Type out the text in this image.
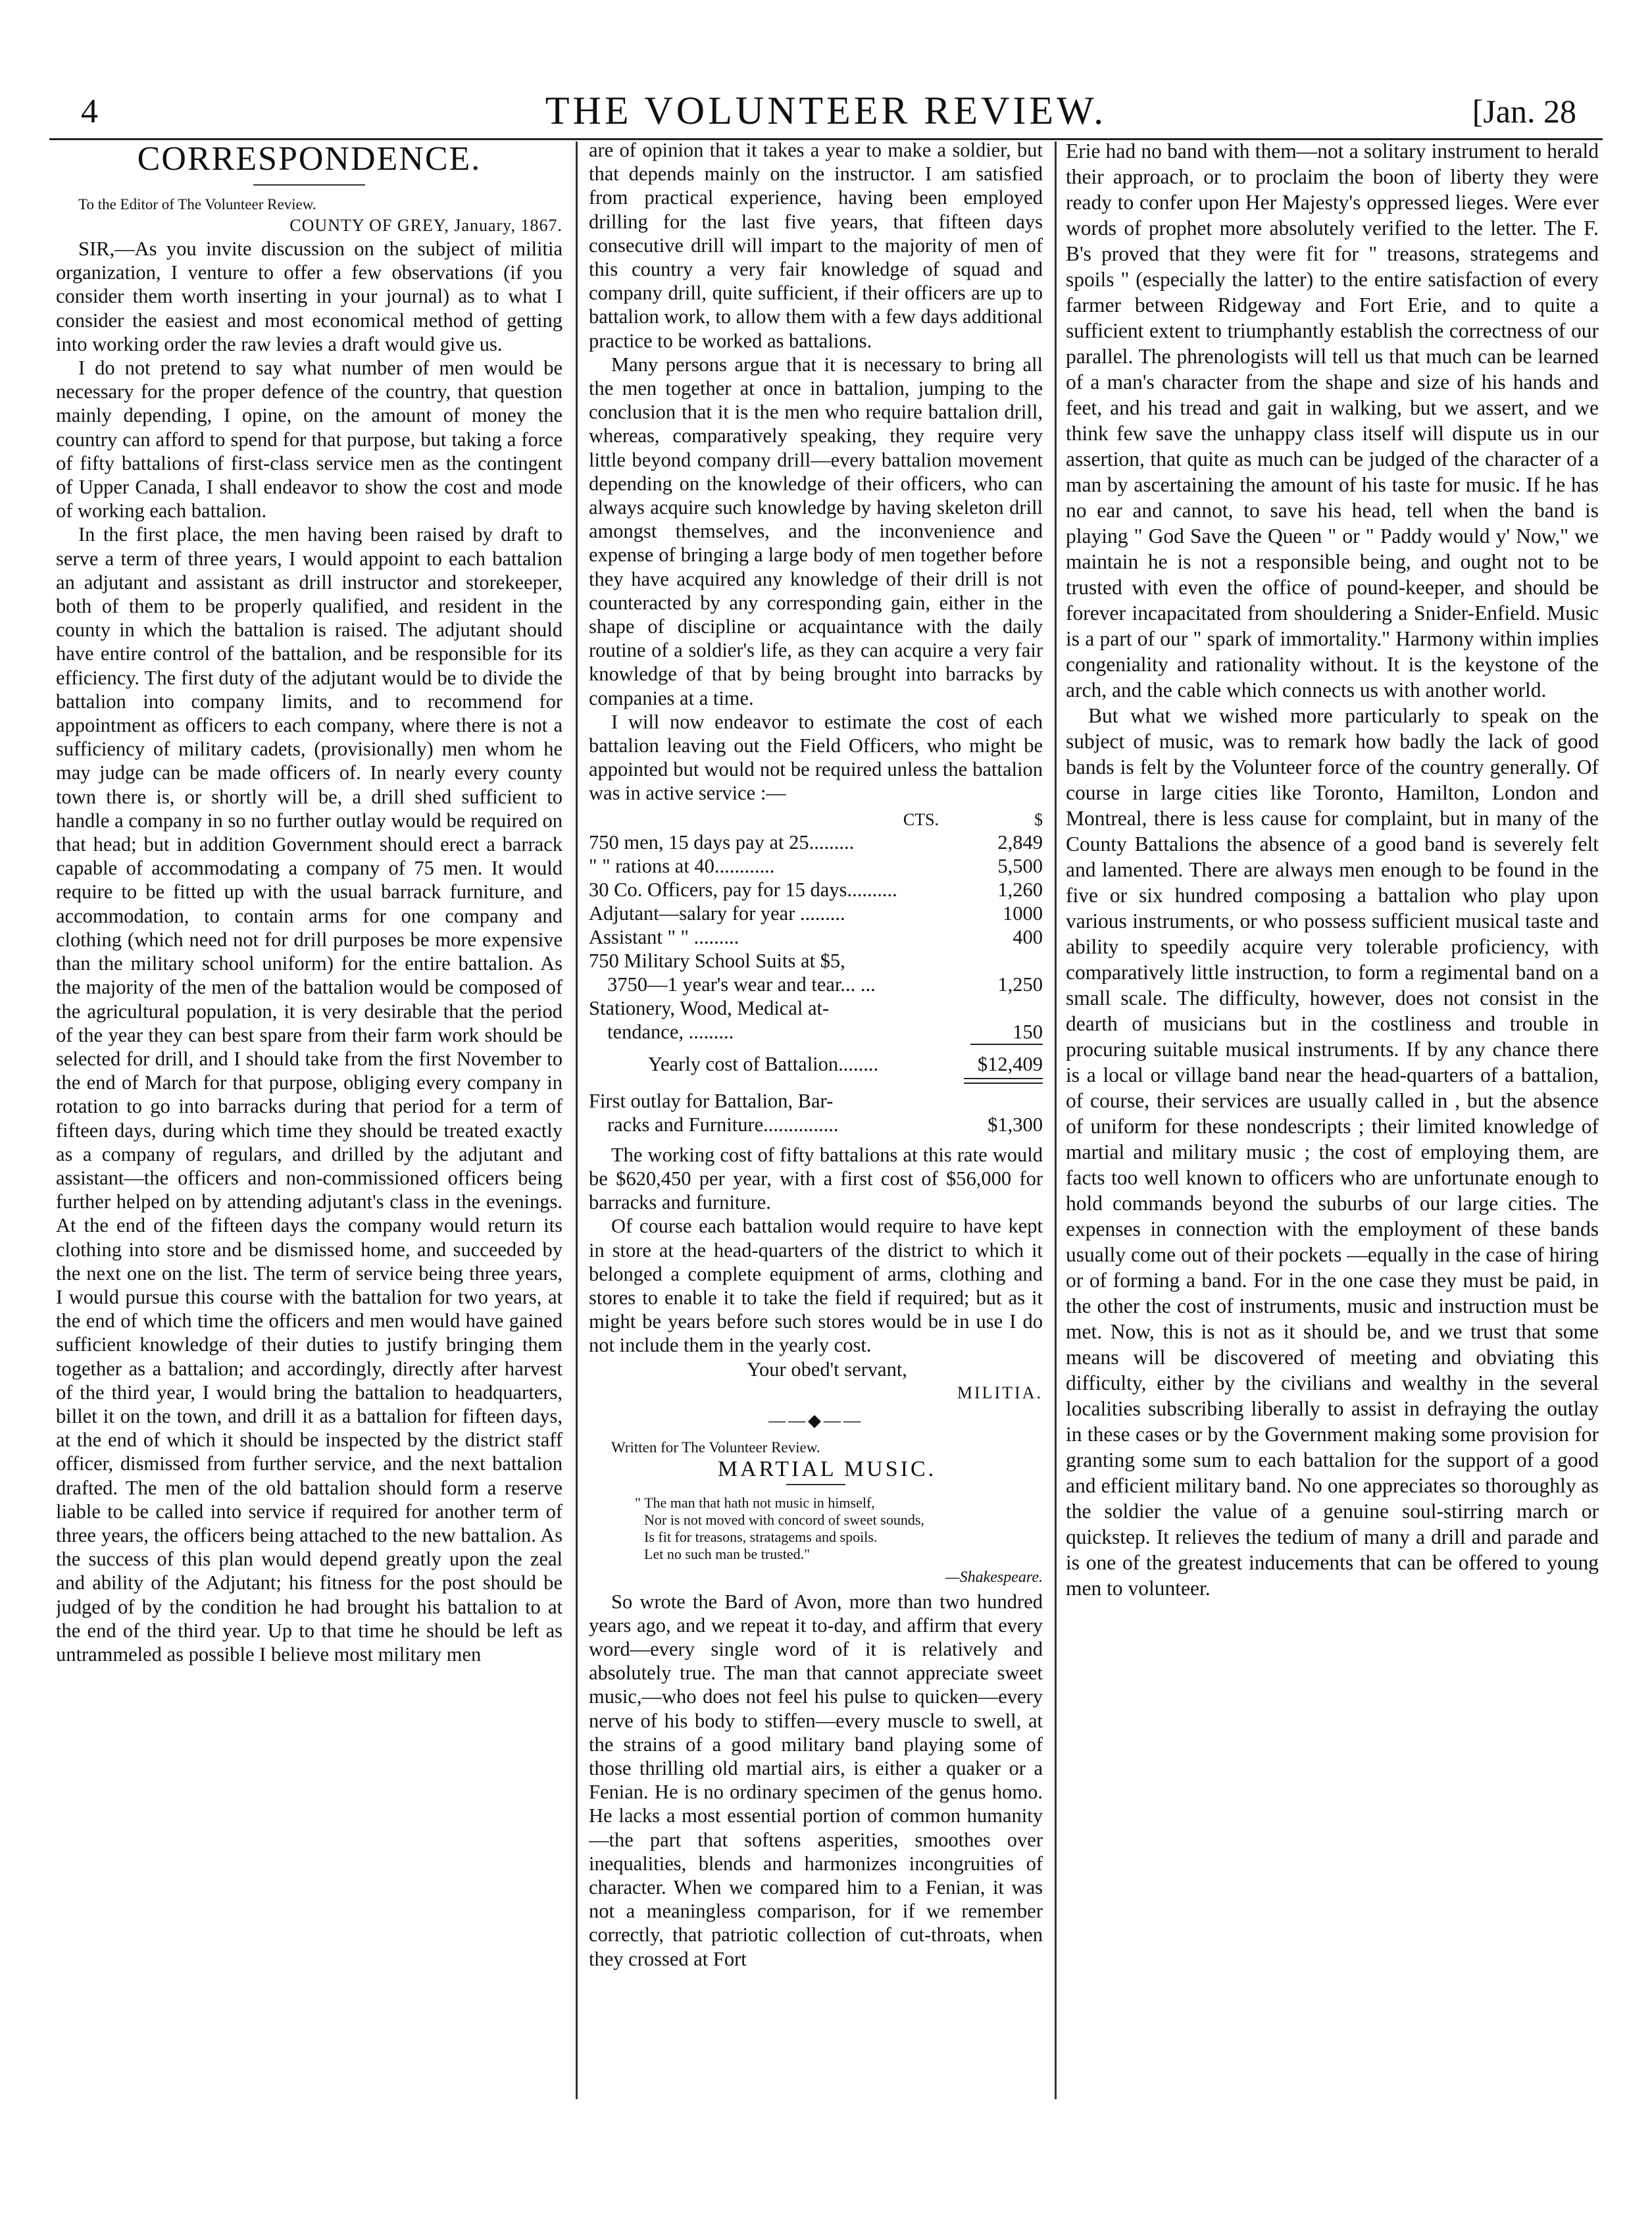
4	THE VOLUNTEER REVIEW.	[Jan. 28
CORRESPONDENCE.

To the Editor of The Volunteer Review.

COUNTY OF GREY, January, 1867.

SIR,—As you invite discussion on the subject of militia organization, I venture to offer a few observations (if you consider them worth inserting in your journal) as to what I consider the easiest and most economical method of getting into working order the raw levies a draft would give us.

I do not pretend to say what number of men would be necessary for the proper defence of the country, that question mainly depending, I opine, on the amount of money the country can afford to spend for that purpose, but taking a force of fifty battalions of first-class service men as the contingent of Upper Canada, I shall endeavor to show the cost and mode of working each battalion.

In the first place, the men having been raised by draft to serve a term of three years, I would appoint to each battalion an adjutant and assistant as drill instructor and storekeeper, both of them to be properly qualified, and resident in the county in which the battalion is raised. The adjutant should have entire control of the battalion, and be responsible for its efficiency. The first duty of the adjutant would be to divide the battalion into company limits, and to recommend for appointment as officers to each company, where there is not a sufficiency of military cadets, (provisionally) men whom he may judge can be made officers of. In nearly every county town there is, or shortly will be, a drill shed sufficient to handle a company in so no further outlay would be required on that head; but in addition Government should erect a barrack capable of accommodating a company of 75 men. It would require to be fitted up with the usual barrack furniture, and accommodation, to contain arms for one company and clothing (which need not for drill purposes be more expensive than the military school uniform) for the entire battalion. As the majority of the men of the battalion would be composed of the agricultural population, it is very desirable that the period of the year they can best spare from their farm work should be selected for drill, and I should take from the first November to the end of March for that purpose, obliging every company in rotation to go into barracks during that period for a term of fifteen days, during which time they should be treated exactly as a company of regulars, and drilled by the adjutant and assistant—the officers and non-commissioned officers being further helped on by attending adjutant's class in the evenings. At the end of the fifteen days the company would return its clothing into store and be dismissed home, and succeeded by the next one on the list. The term of service being three years, I would pursue this course with the battalion for two years, at the end of which time the officers and men would have gained sufficient knowledge of their duties to justify bringing them together as a battalion; and accordingly, directly after harvest of the third year, I would bring the battalion to headquarters, billet it on the town, and drill it as a battalion for fifteen days, at the end of which it should be inspected by the district staff officer, dismissed from further service, and the next battalion drafted. The men of the old battalion should form a reserve liable to be called into service if required for another term of three years, the officers being attached to the new battalion. As the success of this plan would depend greatly upon the zeal and ability of the Adjutant; his fitness for the post should be judged of by the condition he had brought his battalion to at the end of the third year. Up to that time he should be left as untrammeled as possible I believe most military men

are of opinion that it takes a year to make a soldier, but that depends mainly on the instructor. I am satisfied from practical experience, having been employed drilling for the last five years, that fifteen days consecutive drill will impart to the majority of men of this country a very fair knowledge of squad and company drill, quite sufficient, if their officers are up to battalion work, to allow them with a few days additional practice to be worked as battalions.

Many persons argue that it is necessary to bring all the men together at once in battalion, jumping to the conclusion that it is the men who require battalion drill, whereas, comparatively speaking, they require very little beyond company drill—every battalion movement depending on the knowledge of their officers, who can always acquire such knowledge by having skeleton drill amongst themselves, and the inconvenience and expense of bringing a large body of men together before they have acquired any knowledge of their drill is not counteracted by any corresponding gain, either in the shape of discipline or acquaintance with the daily routine of a soldier's life, as they can acquire a very fair knowledge of that by being brought into barracks by companies at a time.

I will now endeavor to estimate the cost of each battalion leaving out the Field Officers, who might be appointed but would not be required unless the battalion was in active service :—

CTS.	$
750 men, 15 days pay at 25.........	2,849
" " rations at 40............	5,500
30 Co. Officers, pay for 15 days..........	1,260
Adjutant—salary for year .........	1000
Assistant " " .........	400
750 Military School Suits at $5,
3750—1 year's wear and tear... ...	1,250
Stationery, Wood, Medical at-
tendance, .........	150
Yearly cost of Battalion........	$12,409
First outlay for Battalion, Bar-
racks and Furniture...............	$1,300

The working cost of fifty battalions at this rate would be $620,450 per year, with a first cost of $56,000 for barracks and furniture.

Of course each battalion would require to have kept in store at the head-quarters of the district to which it belonged a complete equipment of arms, clothing and stores to enable it to take the field if required; but as it might be years before such stores would be in use I do not include them in the yearly cost.

Your obed't servant,

MILITIA.

——◆——

Written for The Volunteer Review.

MARTIAL MUSIC.

" The man that hath not music in himself,
Nor is not moved with concord of sweet sounds,
Is fit for treasons, stratagems and spoils.
Let no such man be trusted."

—Shakespeare.

So wrote the Bard of Avon, more than two hundred years ago, and we repeat it to-day, and affirm that every word—every single word of it is relatively and absolutely true. The man that cannot appreciate sweet music,—who does not feel his pulse to quicken—every nerve of his body to stiffen—every muscle to swell, at the strains of a good military band playing some of those thrilling old martial airs, is either a quaker or a Fenian. He is no ordinary specimen of the genus homo. He lacks a most essential portion of common humanity—the part that softens asperities, smoothes over inequalities, blends and harmonizes incongruities of character. When we compared him to a Fenian, it was not a meaningless comparison, for if we remember correctly, that patriotic collection of cut-throats, when they crossed at Fort

Erie had no band with them—not a solitary instrument to herald their approach, or to proclaim the boon of liberty they were ready to confer upon Her Majesty's oppressed lieges. Were ever words of prophet more absolutely verified to the letter. The F. B's proved that they were fit for " treasons, strategems and spoils " (especially the latter) to the entire satisfaction of every farmer between Ridgeway and Fort Erie, and to quite a sufficient extent to triumphantly establish the correctness of our parallel. The phrenologists will tell us that much can be learned of a man's character from the shape and size of his hands and feet, and his tread and gait in walking, but we assert, and we think few save the unhappy class itself will dispute us in our assertion, that quite as much can be judged of the character of a man by ascertaining the amount of his taste for music. If he has no ear and cannot, to save his head, tell when the band is playing " God Save the Queen " or " Paddy would y' Now," we maintain he is not a responsible being, and ought not to be trusted with even the office of pound-keeper, and should be forever incapacitated from shouldering a Snider-Enfield. Music is a part of our " spark of immortality." Harmony within implies congeniality and rationality without. It is the keystone of the arch, and the cable which connects us with another world.

But what we wished more particularly to speak on the subject of music, was to remark how badly the lack of good bands is felt by the Volunteer force of the country generally. Of course in large cities like Toronto, Hamilton, London and Montreal, there is less cause for complaint, but in many of the County Battalions the absence of a good band is severely felt and lamented. There are always men enough to be found in the five or six hundred composing a battalion who play upon various instruments, or who possess sufficient musical taste and ability to speedily acquire very tolerable proficiency, with comparatively little instruction, to form a regimental band on a small scale. The difficulty, however, does not consist in the dearth of musicians but in the costliness and trouble in procuring suitable musical instruments. If by any chance there is a local or village band near the head-quarters of a battalion, of course, their services are usually called in , but the absence of uniform for these nondescripts ; their limited knowledge of martial and military music ; the cost of employing them, are facts too well known to officers who are unfortunate enough to hold commands beyond the suburbs of our large cities. The expenses in connection with the employment of these bands usually come out of their pockets —equally in the case of hiring or of forming a band. For in the one case they must be paid, in the other the cost of instruments, music and instruction must be met. Now, this is not as it should be, and we trust that some means will be discovered of meeting and obviating this difficulty, either by the civilians and wealthy in the several localities subscribing liberally to assist in defraying the outlay in these cases or by the Government making some provision for granting some sum to each battalion for the support of a good and efficient military band. No one appreciates so thoroughly as the soldier the value of a genuine soul-stirring march or quickstep. It relieves the tedium of many a drill and parade and is one of the greatest inducements that can be offered to young men to volunteer.
